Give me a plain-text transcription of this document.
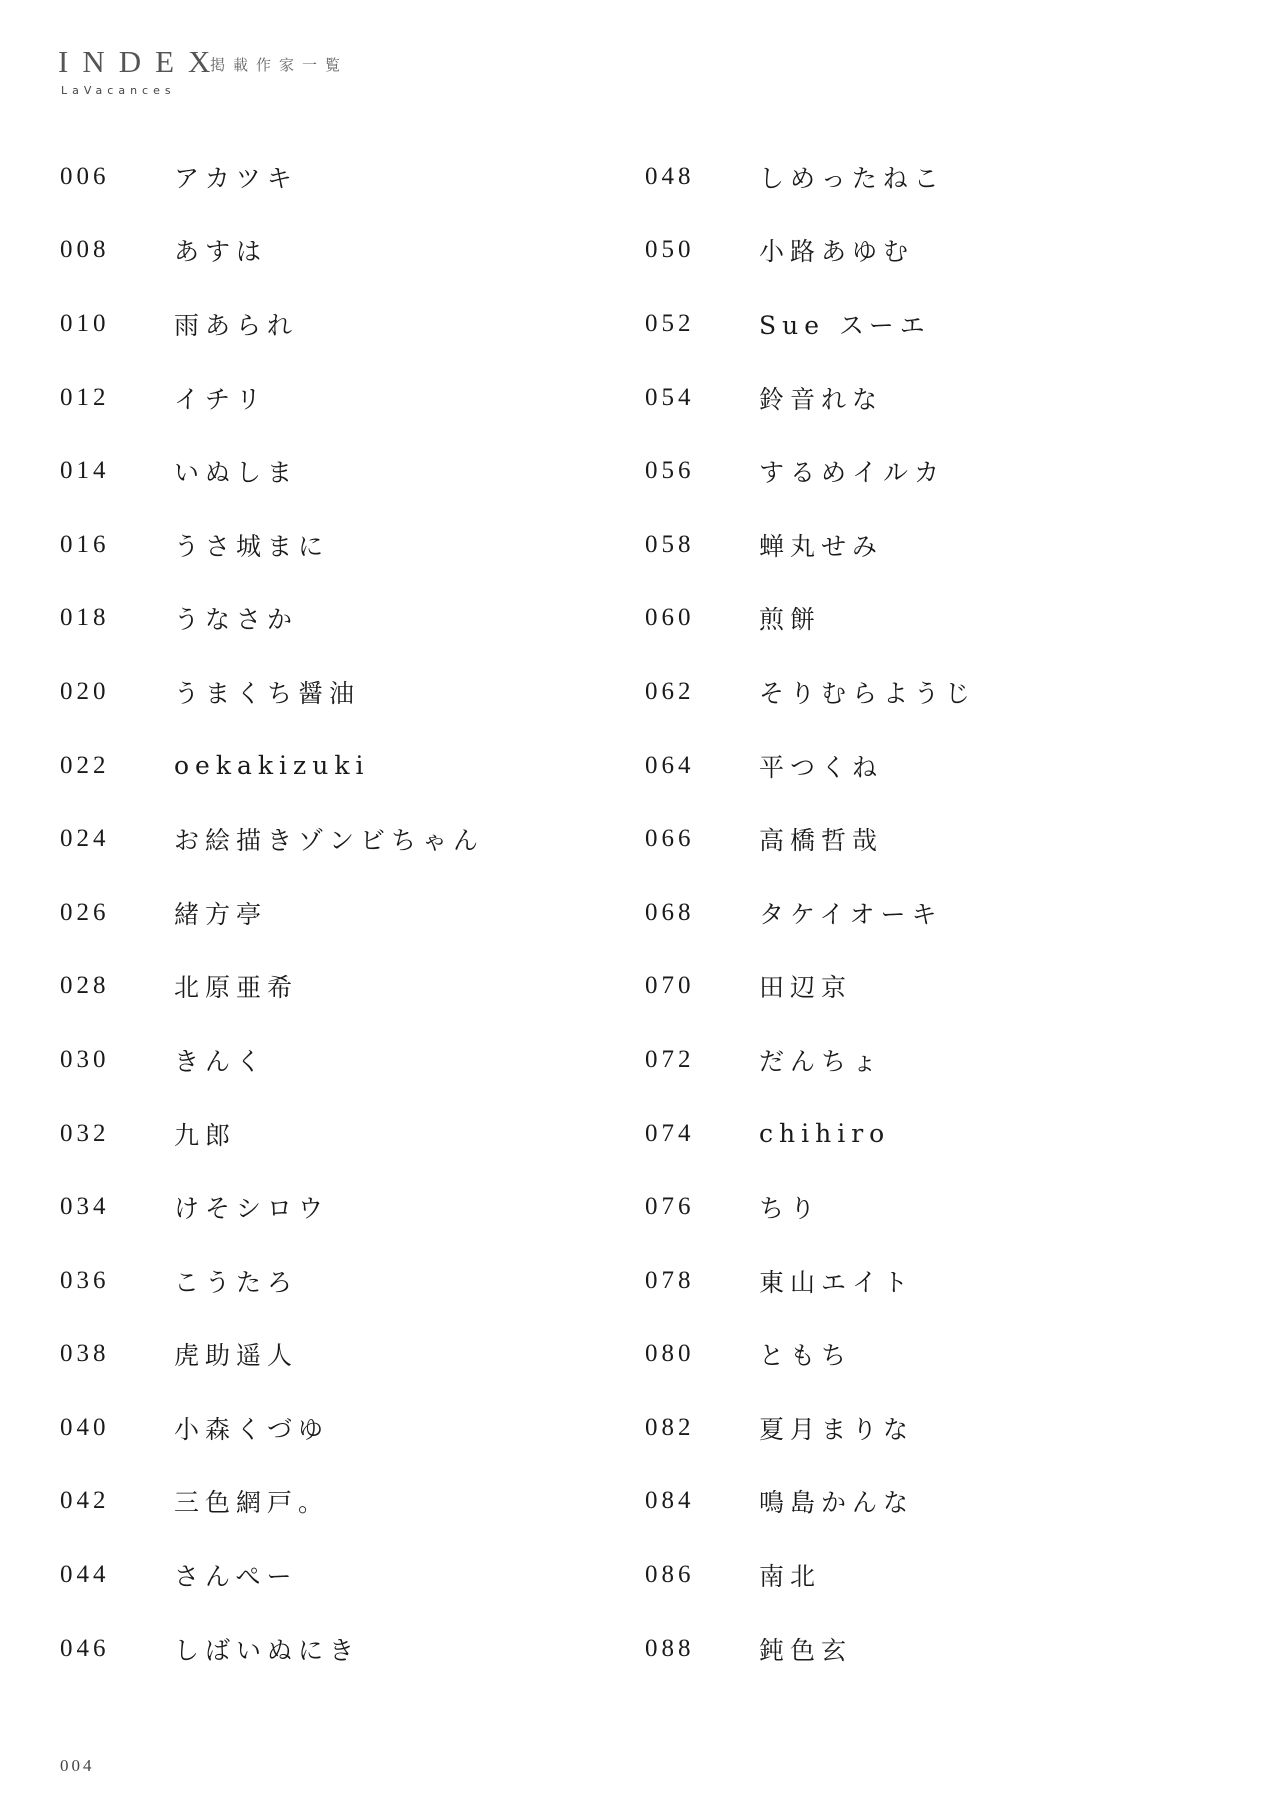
INDEX
掲載作家一覧
LaVacances
006	アカツキ
008	あすは
010	雨あられ
012	イチリ
014	いぬしま
016	うさ城まに
018	うなさか
020	うまくち醤油
022	oekakizuki
024	お絵描きゾンビちゃん
026	緒方亭
028	北原亜希
030	きんく
032	九郎
034	けそシロウ
036	こうたろ
038	虎助遥人
040	小森くづゆ
042	三色網戸。
044	さんぺー
046	しばいぬにき
048	しめったねこ
050	小路あゆむ
052	Sue スーエ
054	鈴音れな
056	するめイルカ
058	蝉丸せみ
060	煎餅
062	そりむらようじ
064	平つくね
066	高橋哲哉
068	タケイオーキ
070	田辺京
072	だんちょ
074	chihiro
076	ちり
078	東山エイト
080	ともち
082	夏月まりな
084	鳴島かんな
086	南北
088	鈍色玄
004
